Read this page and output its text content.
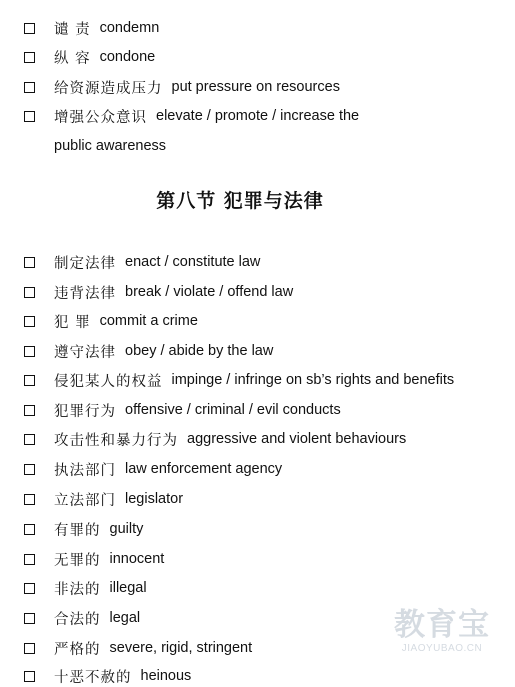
谴 责 condemn
纵 容 condone
给资源造成压力 put pressure on resources
增强公众意识 elevate / promote / increase the
public awareness
第八节 犯罪与法律
制定法律 enact / constitute law
违背法律 break / violate / offend law
犯 罪 commit a crime
遵守法律 obey / abide by the law
侵犯某人的权益 impinge / infringe on sb’s rights and benefits
犯罪行为 offensive / criminal / evil conducts
攻击性和暴力行为 aggressive and violent behaviours
执法部门 law enforcement agency
立法部门 legislator
有罪的 guilty
无罪的 innocent
非法的 illegal
合法的 legal
严格的 severe, rigid, stringent
十恶不赦的 heinous
教育宝
JIAOYUBAO.CN
